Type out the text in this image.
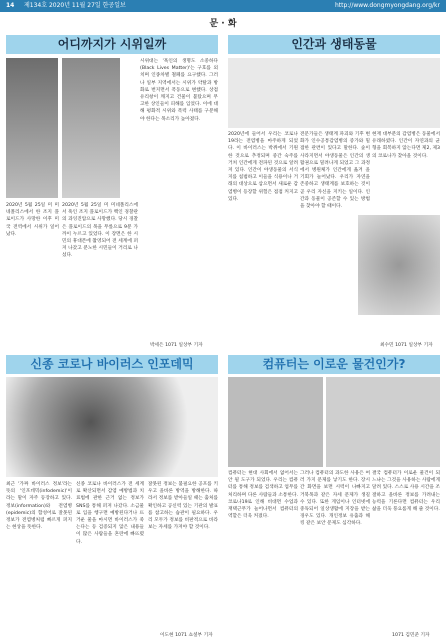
14 제134호 2020년 11월 27일 한공일보	http://www.dongmyongdang.org/kr
문 · 화
어디까지가 시위일까
2020년 5월 25일 미 미네폴리스에서 한 조지 플로이드가 사망한 이후 미국 전역에서 시위가 일어났다.
2020년 5월 25일 미 미네폴리스에서 흑인 조지 플로이드가 백인 경찰관의 과잉진압으로 사망했다. 당시 경찰은 플로이드의 목을 무릎으로 9분 가까이 누르고 있었다. 이 장면은 한 시민의 휴대폰에 촬영되어 전 세계에 퍼져 나갔고 분노한 시민들이 거리로 나섰다.
시위대는 '흑인의 생명도 소중하다(Black Lives Matter)'는 구호를 외치며 인종차별 철폐를 요구했다. 그러나 일부 지역에서는 시위가 약탈과 방화로 번지면서 폭동으로 변했다. 상점 유리창이 깨지고 건물이 불탔으며 무고한 상인들이 피해를 입었다. 이에 대해 평화적 시위와 폭력 사태를 구분해야 한다는 목소리가 높아졌다.
박세은 1071 일상부 기자
인간과 생태동물
2020년에 들어서 우리는 코로나19라는 전염병을 마주하게 되었다. 이 바이러스는 박쥐에서 기원한 것으로 추정되며 중간 숙주를 거쳐 인간에게 전파된 것으로 알려져 있다. 인간이 야생동물의 서식지를 침범하고 이들을 식용이나 거래의 대상으로 삼으면서 새로운 감염병이 등장할 위험은 점점 커지고 있다.
전문가들은 생태계 파괴와 기후 변화가 인수공통감염병의 증가와 밀접한 관련이 있다고 말한다. 숲이 사라지면서 야생동물은 인간의 생활권으로 밀려나게 되었고 그 과정에서 병원체가 인간에게 옮겨 올 기회가 늘어났다. 우리가 자연을 존중하고 생태계를 보호하는 것이 곧 우리 자신을 지키는 일이다. 인간과 동물이 공존할 수 있는 방법을 찾아야 할 때이다.
현재 대부분의 감염병은 동물에서 유래하였다. 인간이 자연과의 균형을 회복하지 않는다면 제2, 제3의 코로나가 찾아올 것이다.
최수민 1071 일상부 기자
신종 코로나 바이러스 인포데믹
최근 '가짜 바이러스 정보'라는 뜻의 '인포데믹(infodemic)'이라는 말이 자주 등장하고 있다. 정보(information)와 전염병(epidemic)의 합성어로 잘못된 정보가 전염병처럼 빠르게 퍼지는 현상을 뜻한다.
신종 코로나 바이러스가 전 세계로 확산되면서 감염 예방법과 치료법에 관한 근거 없는 정보가 SNS를 통해 퍼져 나갔다. 소금물로 입을 헹구면 예방된다거나 뜨거운 물을 마시면 바이러스가 죽는다는 등 검증되지 않은 내용들이 많은 사람들을 혼란에 빠뜨렸다.
잘못된 정보는 불필요한 공포를 키우고 올바른 방역을 방해한다. 따라서 정보를 받아들일 때는 출처를 확인하고 공신력 있는 기관의 발표를 참고하는 습관이 필요하다. 우리 모두가 정보를 비판적으로 바라보는 자세를 가져야 할 것이다.
이도현 1071 쇼셜부 기자
컴퓨터는 이로운 물건인가?
컴퓨터는 현대 사회에서 없어서는 안 될 도구가 되었다. 우리는 컴퓨터를 통해 정보를 검색하고 업무를 처리하며 다른 사람들과 소통한다. 코로나19로 인해 비대면 수업과 재택근무가 늘어나면서 컴퓨터의 역할은 더욱 커졌다.
그러나 컴퓨터의 과도한 사용은 여러 가지 문제를 낳기도 한다. 장시간 화면을 보면 시력이 나빠지고 거북목과 같은 자세 문제가 생길 수 있다. 또한 게임이나 인터넷에 중독되어 일상생활에 지장을 받는 경우도 있다. 개인정보 유출과 해킹 같은 보안 문제도 심각하다.
결국 컴퓨터가 이로운 물건이 되느냐는 그것을 사용하는 사람에게 달려 있다. 스스로 사용 시간을 조절하고 올바른 정보를 가려내는 능력을 기른다면 컴퓨터는 우리 삶을 더욱 풍요롭게 해 줄 것이다.
1071 김민준 기자
